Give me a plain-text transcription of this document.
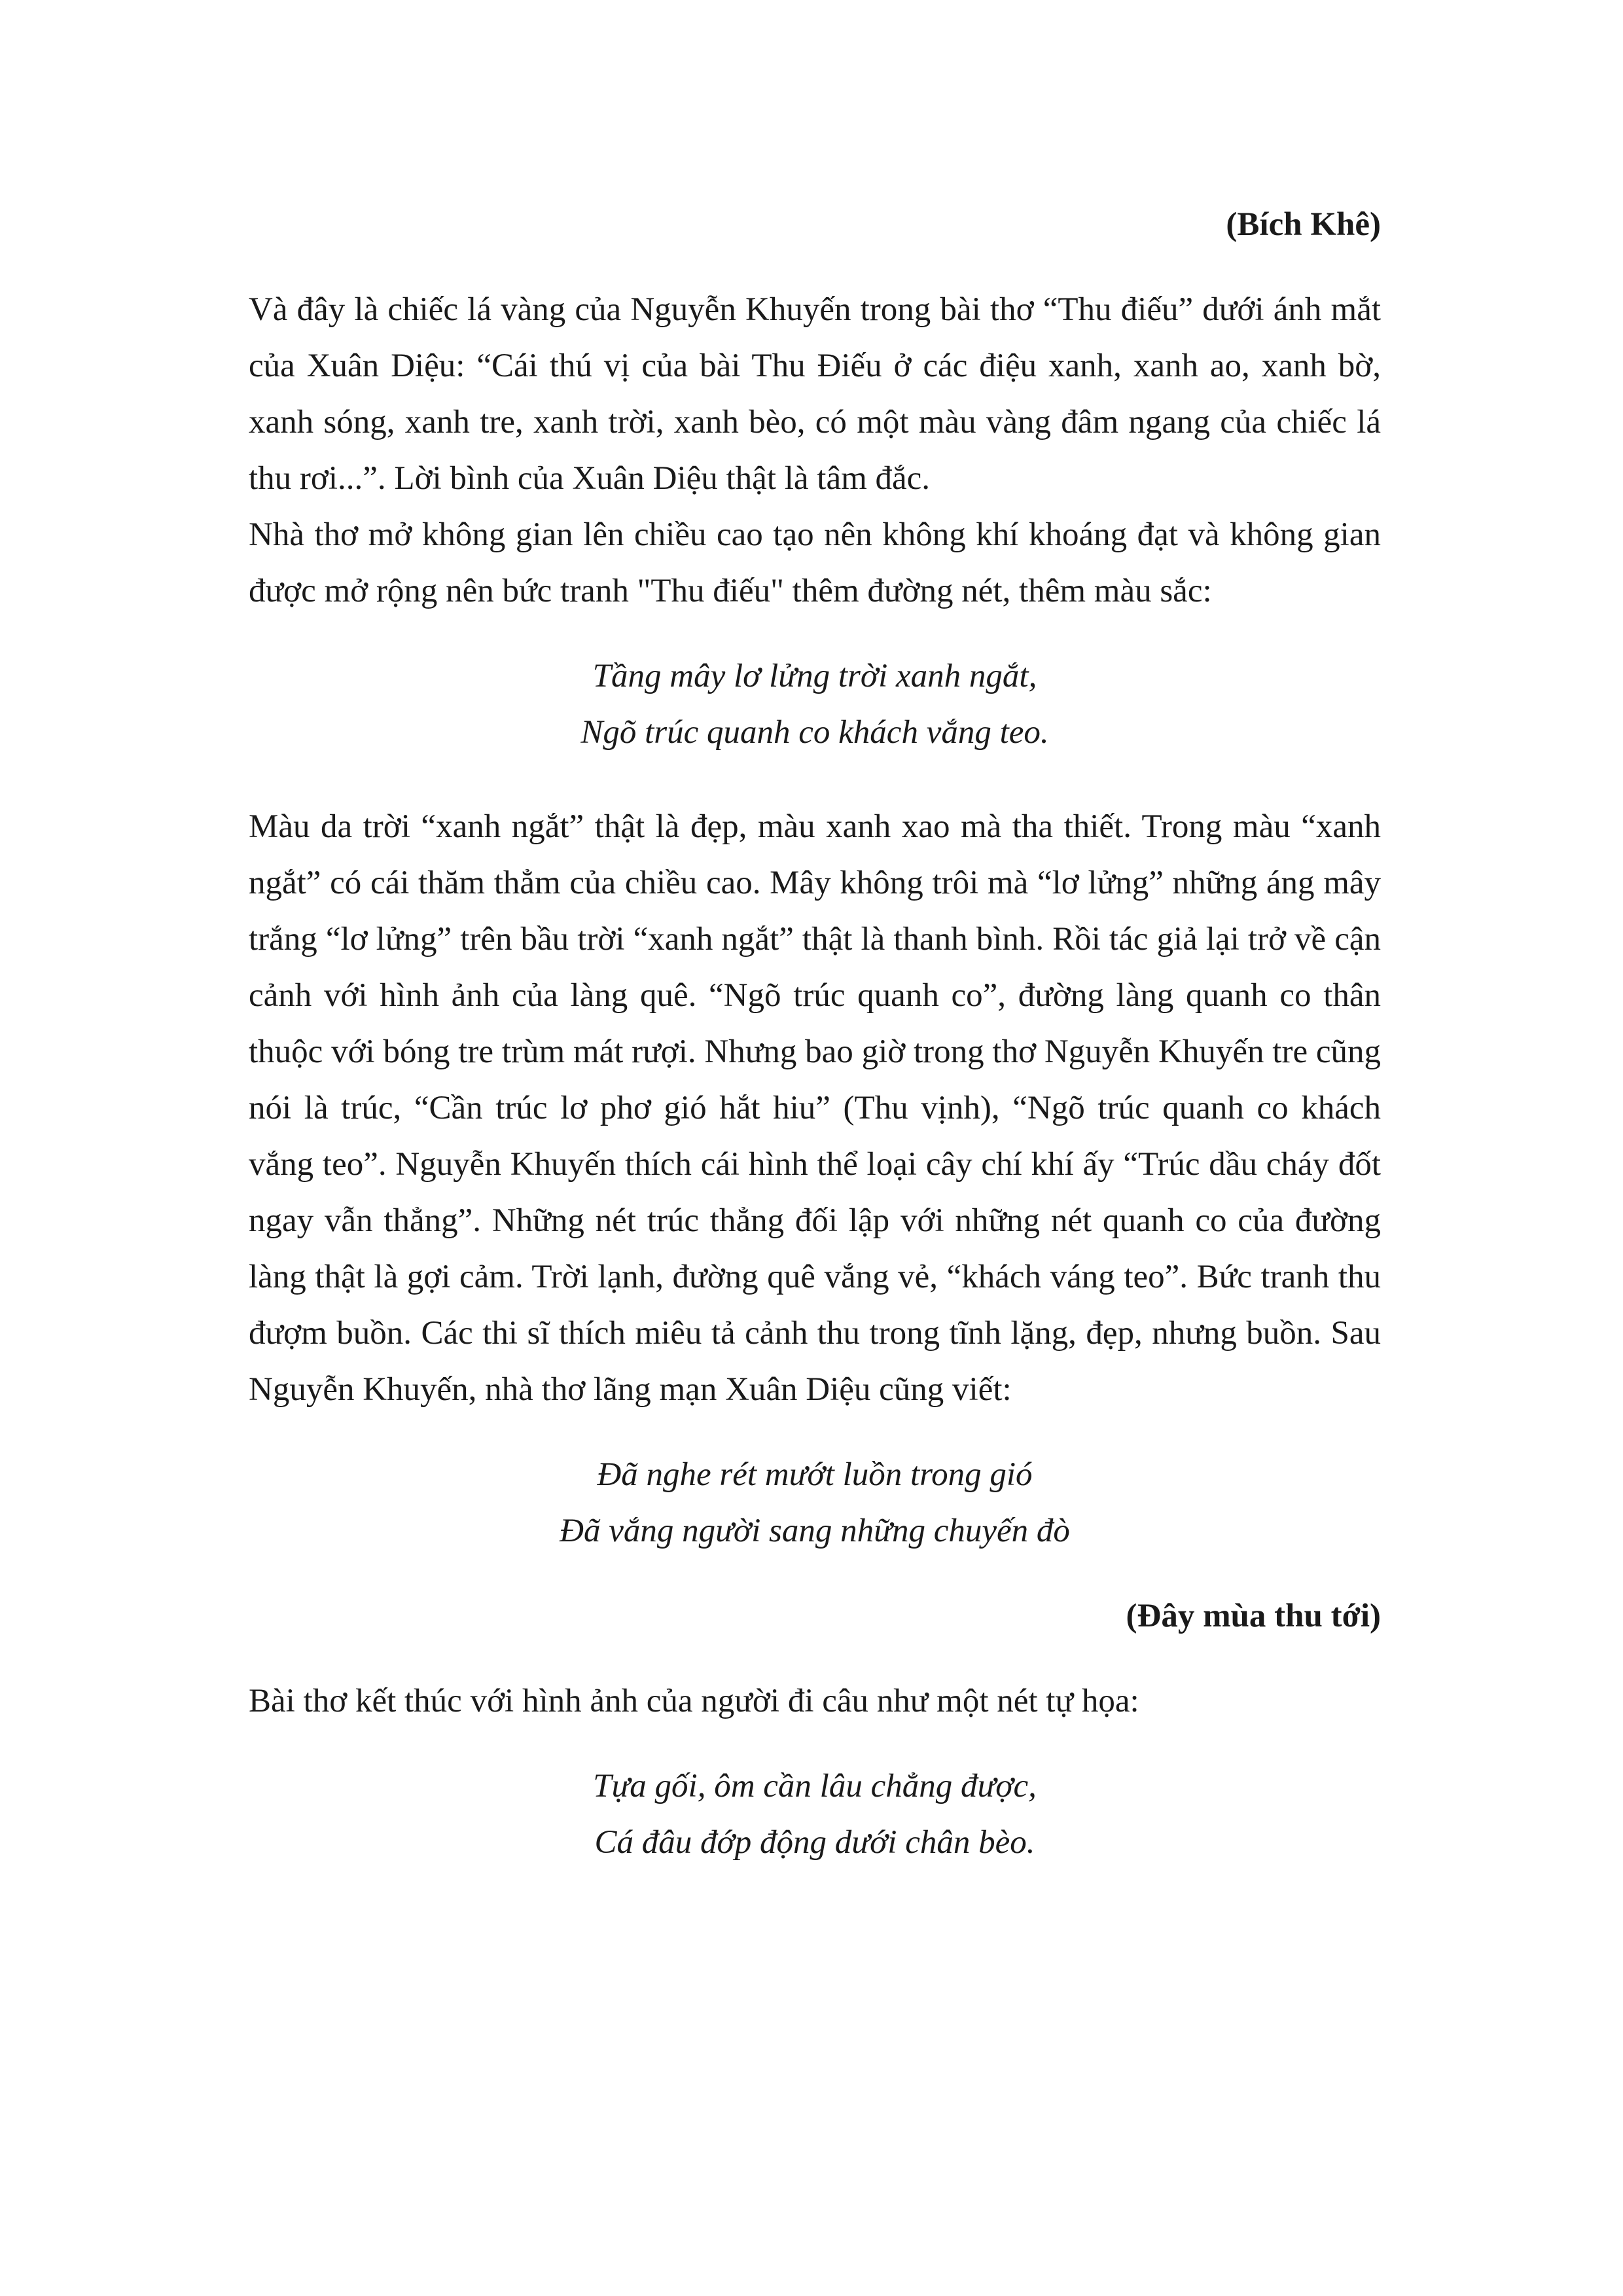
(Bích Khê)

Và đây là chiếc lá vàng của Nguyễn Khuyến trong bài thơ “Thu điếu” dưới ánh mắt của Xuân Diệu: “Cái thú vị của bài Thu Điếu ở các điệu xanh, xanh ao, xanh bờ, xanh sóng, xanh tre, xanh trời, xanh bèo, có một màu vàng đâm ngang của chiếc lá thu rơi...”. Lời bình của Xuân Diệu thật là tâm đắc.

Nhà thơ mở không gian lên chiều cao tạo nên không khí khoáng đạt và không gian được mở rộng nên bức tranh "Thu điếu" thêm đường nét, thêm màu sắc:

Tầng mây lơ lửng trời xanh ngắt,
Ngõ trúc quanh co khách vắng teo.

Màu da trời “xanh ngắt” thật là đẹp, màu xanh xao mà tha thiết. Trong màu “xanh ngắt” có cái thăm thẳm của chiều cao. Mây không trôi mà “lơ lửng” những áng mây trắng “lơ lửng” trên bầu trời “xanh ngắt” thật là thanh bình. Rồi tác giả lại trở về cận cảnh với hình ảnh của làng quê. “Ngõ trúc quanh co”, đường làng quanh co thân thuộc với bóng tre trùm mát rượi. Nhưng bao giờ trong thơ Nguyễn Khuyến tre cũng nói là trúc, “Cần trúc lơ phơ gió hắt hiu” (Thu vịnh), “Ngõ trúc quanh co khách vắng teo”. Nguyễn Khuyến thích cái hình thể loại cây chí khí ấy “Trúc dầu cháy đốt ngay vẫn thẳng”. Những nét trúc thẳng đối lập với những nét quanh co của đường làng thật là gợi cảm. Trời lạnh, đường quê vắng vẻ, “khách váng teo”. Bức tranh thu đượm buồn. Các thi sĩ thích miêu tả cảnh thu trong tĩnh lặng, đẹp, nhưng buồn. Sau Nguyễn Khuyến, nhà thơ lãng mạn Xuân Diệu cũng viết:

Đã nghe rét mướt luồn trong gió
Đã vắng người sang những chuyến đò

(Đây mùa thu tới)

Bài thơ kết thúc với hình ảnh của người đi câu như một nét tự họa:

Tựa gối, ôm cần lâu chẳng được,
Cá đâu đớp động dưới chân bèo.
